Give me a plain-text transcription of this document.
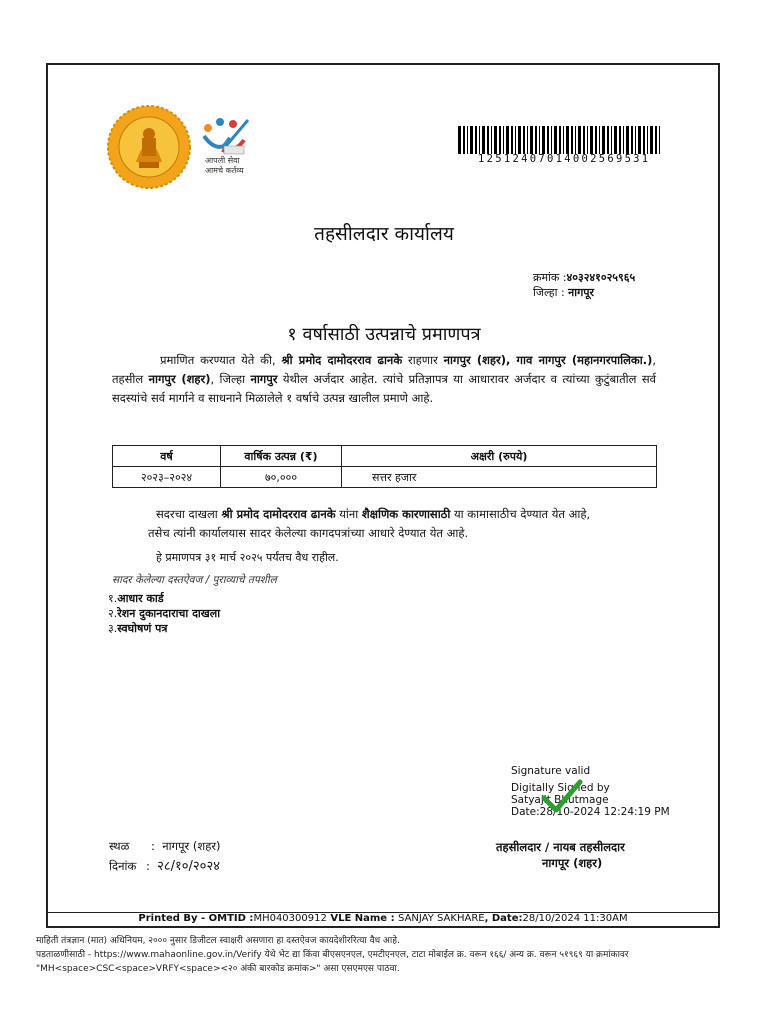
आपली सेवा
आमचे कर्तव्य
1251240701400256​9531
तहसीलदार कार्यालय
क्रमांक :४०३२४१०२५९६५
जिल्हा : नागपूर
१ वर्षासाठी उत्पन्नाचे प्रमाणपत्र
प्रमाणित करण्यात येते की, श्री प्रमोद दामोदरराव ढानके राहणार नागपुर (शहर), गाव नागपुर (महानगरपालिका.), तहसील नागपुर (शहर), जिल्हा नागपुर येथील अर्जदार आहेत. त्यांचे प्रतिज्ञापत्र या आधारावर अर्जदार व त्यांच्या कुटुंबातील सर्व सदस्यांचे सर्व मार्गाने व साधनाने मिळालेले १ वर्षाचे उत्पन्न खालील प्रमाणे आहे.
वर्ष	वार्षिक उत्पन्न (₹)	अक्षरी (रुपये)
२०२३–२०२४	७०,०००	सत्तर हजार
सदरचा दाखला श्री प्रमोद दामोदरराव ढानके यांना शैक्षणिक कारणासाठी या कामासाठीच देण्यात येत आहे,
तसेच त्यांनी कार्यालयास सादर केलेल्या कागदपत्रांच्या आधारे देण्यात येत आहे.
हे प्रमाणपत्र ३१ मार्च २०२५ पर्यंतच वैध राहील.
सादर केलेल्या दस्तऐवज / पुराव्याचे तपशील
१.आधार कार्ड
२.रेशन दुकानदाराचा दाखला
३.स्वघोषणं पत्र
Signature valid
Digitally Signed by
Satyajit Bhutmage
Date:28/10-2024 12:24:19 PM
स्थळ :  नागपूर (शहर)
दिनांक :  २८/१०/२०२४
तहसीलदार / नायब तहसीलदार
नागपूर (शहर)
Printed By - OMTID :MH040300912 VLE Name : SANJAY SAKHARE, Date:28/10/2024 11:30AM
माहिती तंत्रज्ञान (मात) अधिनियम, २००० नुसार डिजीटल स्वाक्षरी असणारा हा दस्तऐवज कायदेशीररित्या वैध आहे.
पडताळणीसाठी - https://www.mahaonline.gov.in/Verify येथे भेट द्या किंवा बीएसएनएल, एमटीएनएल, टाटा मोबाईल क्र. वरून १६६/ अन्य क्र. वरून ५१९६९ या क्रमांकावर
"MH<space>CSC<space>VRFY<space><२० अंकी बारकोड क्रमांक>" असा एसएमएस पाठवा.
